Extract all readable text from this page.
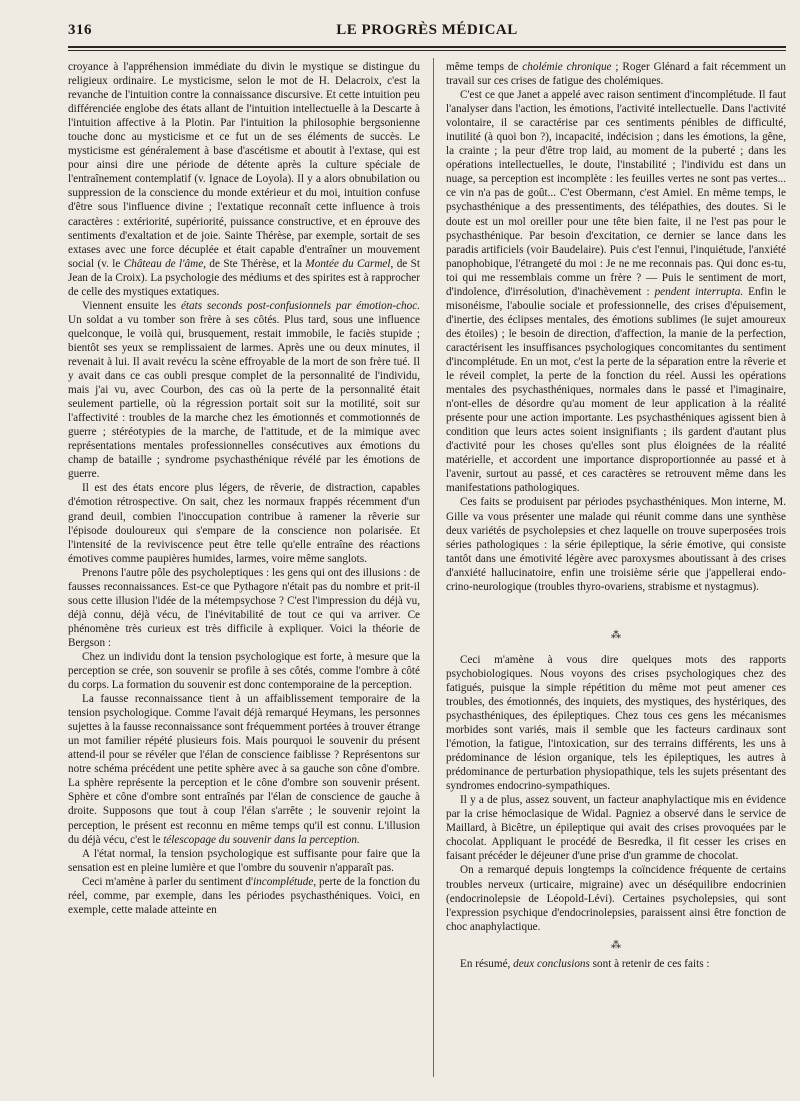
316	LE PROGRÈS MÉDICAL

croyance à l'appréhension immédiate du divin le mystique se distingue du religieux ordinaire. Le mysticisme, selon le mot de H. Delacroix, c'est la revanche de l'intuition contre la connaissance discursive. Et cette intuition peu différenciée englobe des états allant de l'intuition intellectuelle à la Descarte à l'intuition affective à la Plotin. Par l'intuition la philosophie bergsonienne touche donc au mysticisme et ce fut un de ses éléments de succès. Le mysticisme est généralement à base d'ascétisme et aboutit à l'extase, qui est pour ainsi dire une période de détente après la culture spéciale de l'entraînement contemplatif (v. Ignace de Loyola). Il y a alors obnubilation ou suppression de la conscience du monde extérieur et du moi, intuition confuse d'être sous l'influence divine ; l'extatique reconnaît cette influence à trois caractères : extériorité, supériorité, puissance constructive, et en éprouve des sentiments d'exaltation et de joie. Sainte Thérèse, par exemple, sortait de ses extases avec une force décuplée et était capable d'entraîner un mouvement social (v. le Château de l'âme, de Ste Thérèse, et la Montée du Carmel, de St Jean de la Croix). La psychologie des médiums et des spirites est à rapprocher de celle des mystiques extatiques.

Viennent ensuite les états seconds post-confusionnels par émotion-choc. Un soldat a vu tomber son frère à ses côtés. Plus tard, sous une influence quelconque, le voilà qui, brusquement, restait immobile, le faciès stupide ; bientôt ses yeux se remplissaient de larmes. Après une ou deux minutes, il revenait à lui. Il avait revécu la scène effroyable de la mort de son frère tué. Il y avait dans ce cas oubli presque complet de la personnalité de l'individu, mais j'ai vu, avec Courbon, des cas où la perte de la personnalité était seulement partielle, où la régression portait soit sur la motilité, soit sur l'affectivité : troubles de la marche chez les émotionnés et commotionnés de guerre ; stéréotypies de la marche, de l'attitude, et de la mimique avec représentations mentales professionnelles consécutives aux émotions du champ de bataille ; syndrome psychasthénique révélé par les émotions de guerre.

Il est des états encore plus légers, de rêverie, de distraction, capables d'émotion rétrospective. On sait, chez les normaux frappés récemment d'un grand deuil, combien l'inoccupation contribue à ramener la rêverie sur l'épisode douloureux qui s'empare de la conscience non polarisée. Et l'intensité de la reviviscence peut être telle qu'elle entraîne des réactions émotives comme paupières humides, larmes, voire même sanglots.

Prenons l'autre pôle des psycholeptiques : les gens qui ont des illusions : de fausses reconnaissances. Est-ce que Pythagore n'était pas du nombre et prit-il sous cette illusion l'idée de la métempsychose ? C'est l'impression du déjà vu, déjà connu, déjà vécu, de l'inévitabilité de tout ce qui va arriver. Ce phénomène très curieux est très difficile à expliquer. Voici la théorie de Bergson :

Chez un individu dont la tension psychologique est forte, à mesure que la perception se crée, son souvenir se profile à ses côtés, comme l'ombre à côté du corps. La formation du souvenir est donc contemporaine de la perception.

La fausse reconnaissance tient à un affaiblissement temporaire de la tension psychologique. Comme l'avait déjà remarqué Heymans, les personnes sujettes à la fausse reconnaissance sont fréquemment portées à trouver étrange un mot familier répété plusieurs fois. Mais pourquoi le souvenir du présent attend-il pour se révéler que l'élan de conscience faiblisse ? Représentons sur notre schéma précédent une petite sphère avec à sa gauche son cône d'ombre. La sphère représente la perception et le cône d'ombre son souvenir présent. Sphère et cône d'ombre sont entraînés par l'élan de conscience de gauche à droite. Supposons que tout à coup l'élan s'arrête ; le souvenir rejoint la perception, le présent est reconnu en même temps qu'il est connu. L'illusion du déjà vécu, c'est le télescopage du souvenir dans la perception.

A l'état normal, la tension psychologique est suffisante pour faire que la sensation est en pleine lumière et que l'ombre du souvenir n'apparaît pas.

Ceci m'amène à parler du sentiment d'incomplétude, perte de la fonction du réel, comme, par exemple, dans les périodes psychasthéniques. Voici, en exemple, cette malade atteinte en

même temps de cholémie chronique ; Roger Glénard a fait récemment un travail sur ces crises de fatigue des cholémiques.

C'est ce que Janet a appelé avec raison sentiment d'incomplétude. Il faut l'analyser dans l'action, les émotions, l'activité intellectuelle. Dans l'activité volontaire, il se caractérise par ces sentiments pénibles de difficulté, inutilité (à quoi bon ?), incapacité, indécision ; dans les émotions, la gêne, la crainte ; la peur d'être trop laid, au moment de la puberté ; dans les opérations intellectuelles, le doute, l'instabilité ; l'individu est dans un nuage, sa perception est incomplète : les feuilles vertes ne sont pas vertes... ce vin n'a pas de goût... C'est Obermann, c'est Amiel. En même temps, le psychasthénique a des pressentiments, des télépathies, des doutes. Si le doute est un mol oreiller pour une tête bien faite, il ne l'est pas pour le psychasthénique. Par besoin d'excitation, ce dernier se lance dans les paradis artificiels (voir Baudelaire). Puis c'est l'ennui, l'inquiétude, l'anxiété panophobique, l'étrangeté du moi : Je ne me reconnais pas. Qui donc es-tu, toi qui me ressemblais comme un frère ? — Puis le sentiment de mort, d'indolence, d'irrésolution, d'inachèvement : pendent interrupta. Enfin le misonéisme, l'aboulie sociale et professionnelle, des crises d'épuisement, d'inertie, des éclipses mentales, des émotions sublimes (le sujet amoureux des étoiles) ; le besoin de direction, d'affection, la manie de la perfection, caractérisent les insuffisances psychologiques concomitantes du sentiment d'incomplétude. En un mot, c'est la perte de la séparation entre la rêverie et le réveil complet, la perte de la fonction du réel. Aussi les opérations mentales des psychasthéniques, normales dans le passé et l'imaginaire, n'ont-elles de désordre qu'au moment de leur application à la réalité présente pour une action importante. Les psychasthéniques agissent bien à condition que leurs actes soient insignifiants ; ils gardent d'autant plus d'activité pour les choses qu'elles sont plus éloignées de la réalité matérielle, et accordent une importance disproportionnée au passé et à l'avenir, surtout au passé, et ces caractères se retrouvent même dans les manifestations pathologiques.

Ces faits se produisent par périodes psychasthéniques. Mon interne, M. Gille va vous présenter une malade qui réunit comme dans une synthèse deux variétés de psycholepsies et chez laquelle on trouve superposées trois séries pathologiques : la série épileptique, la série émotive, qui consiste tantôt dans une émotivité légère avec paroxysmes aboutissant à des crises d'anxiété hallucinatoire, enfin une troisième série que j'appellerai endo-crino-neurologique (troubles thyro-ovariens, strabisme et nystagmus).

⁂

Ceci m'amène à vous dire quelques mots des rapports psychobiologiques. Nous voyons des crises psychologiques chez des fatigués, puisque la simple répétition du même mot peut amener ces troubles, des émotionnés, des inquiets, des mystiques, des hystériques, des psychasthéniques, des épileptiques. Chez tous ces gens les mécanismes morbides sont variés, mais il semble que les facteurs cardinaux sont l'émotion, la fatigue, l'intoxication, sur des terrains différents, les uns à prédominance de lésion organique, tels les épileptiques, les autres à prédominance de perturbation physiopathique, tels les sujets présentant des syndromes endocrino-sympathiques.

Il y a de plus, assez souvent, un facteur anaphylactique mis en évidence par la crise hémoclasique de Widal. Pagniez a observé dans le service de Maillard, à Bicêtre, un épileptique qui avait des crises provoquées par le chocolat. Appliquant le procédé de Besredka, il fit cesser les crises en faisant précéder le déjeuner d'une prise d'un gramme de chocolat.

On a remarqué depuis longtemps la coïncidence fréquente de certains troubles nerveux (urticaire, migraine) avec un déséquilibre endocrinien (endocrinolepsie de Léopold-Lévi). Certaines psycholepsies, qui sont l'expression psychique d'endocrinolepsies, paraissent ainsi être fonction de choc anaphylactique.

⁂

En résumé, deux conclusions sont à retenir de ces faits :
